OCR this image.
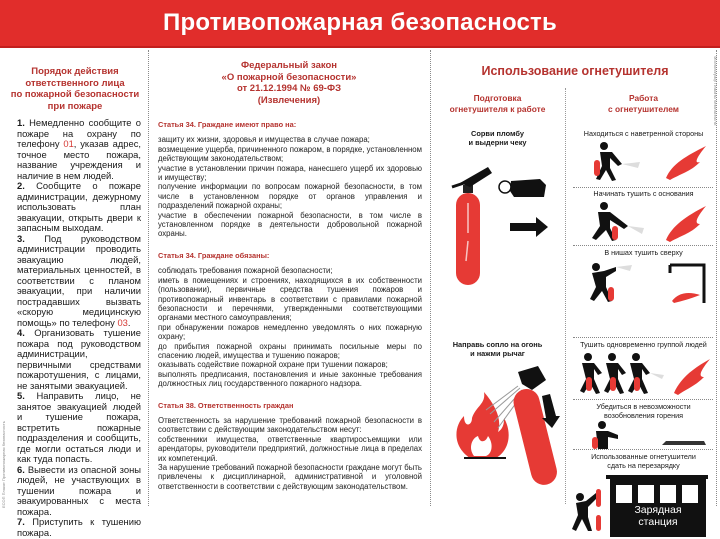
Противопожарная безопасность
ЕСОП Плакат Противопожарная безопасность
Порядок действия
ответственного лица
по пожарной безопасности
при пожаре
1. Немедленно сообщите о пожаре на охрану по телефону 01, указав адрес, точное место пожара, название учреждения и наличие в нем людей.
2. Сообщите о пожаре администрации, дежурному использовать план эвакуации, открыть двери к запасным выходам.
3. Под руководством администрации проводить эвакуацию людей, материальных ценностей, в соответствии с планом эвакуации, при наличии пострадавших вызвать «скорую медицинскую помощь» по телефону 03.
4. Организовать тушение пожара под руководством администрации, первичными средствами пожаротушения, с лицами, не занятыми эвакуацией.
5. Направить лицо, не занятое эвакуацией людей и тушение пожара, встретить пожарные подразделения и сообщить, где могли остаться люди и как туда попасть.
6. Вывести из опасной зоны людей, не участвующих в тушении пожара и эвакуированных с места пожара.
7. Приступить к тушению пожара.
Федеральный закон
«О пожарной безопасности»
от 21.12.1994 № 69-ФЗ
(Извлечения)
Статья 34. Граждане имеют право на:

защиту их жизни, здоровья и имущества в случае пожара;

возмещение ущерба, причиненного пожаром, в порядке, установленном действующим законодательством;

участие в установлении причин пожара, нанесшего ущерб их здоровью и имуществу;

получение информации по вопросам пожарной безопасности, в том числе в установленном порядке от органов управления и подразделений пожарной охраны;

участие в обеспечении пожарной безопасности, в том числе в установленном порядке в деятельности добровольной пожарной охраны.

Статья 34. Граждане обязаны:

соблюдать требования пожарной безопасности;

иметь в помещениях и строениях, находящихся в их собственности (пользовании), первичные средства тушения пожаров и противопожарный инвентарь в соответствии с правилами пожарной безопасности и перечнями, утвержденными соответствующими органами местного самоуправления;

при обнаружении пожаров немедленно уведомлять о них пожарную охрану;

до прибытия пожарной охраны принимать посильные меры по спасению людей, имущества и тушению пожаров;

оказывать содействие пожарной охране при тушении пожаров;

выполнять предписания, постановления и иные законные требования должностных лиц государственного пожарного надзора.

Статья 38. Ответственность граждан

Ответственность за нарушение требований пожарной безопасности в соответствии с действующим законодательством несут:

собственники имущества, ответственные квартиросъемщики или арендаторы, руководители предприятий, должностные лица в пределах их компетенций.

За нарушение требований пожарной безопасности граждане могут быть привлечены к дисциплинарной, административной и уголовной ответственности в соответствии с действующим законодательством.

Использование огнетушителя	Мосполиграф Плакаты безопасности
Подготовка
огнетушителя к работе
Работа
с огнетушителем
Сорви пломбу
и выдерни чеку
Направь сопло на огонь
и нажми рычаг
Находиться с наветренной стороны
Начинать тушить с основания
В нишах тушить сверху
Тушить одновременно группой людей
Убедиться в невозможности
возобновления горения
Использованные огнетушители
сдать на перезарядку
Зарядная
станция
